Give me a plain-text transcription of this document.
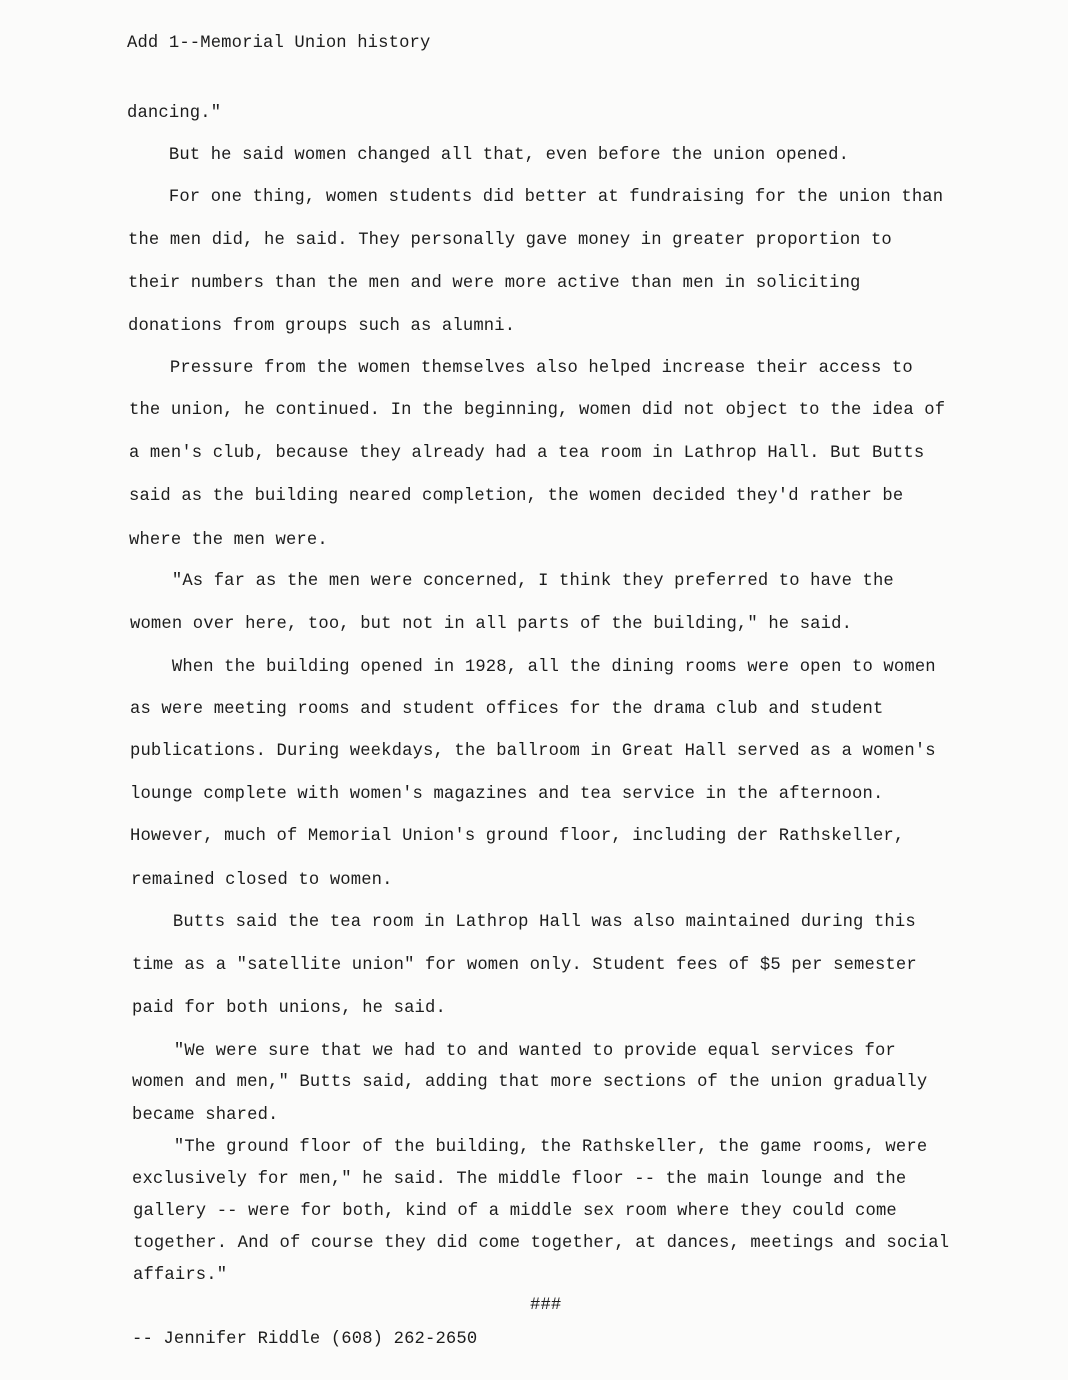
Add 1--Memorial Union history
dancing."
But he said women changed all that, even before the union opened.
For one thing, women students did better at fundraising for the union than
the men did, he said. They personally gave money in greater proportion to
their numbers than the men and were more active than men in soliciting
donations from groups such as alumni.
Pressure from the women themselves also helped increase their access to
the union, he continued. In the beginning, women did not object to the idea of
a men's club, because they already had a tea room in Lathrop Hall. But Butts
said as the building neared completion, the women decided they'd rather be
where the men were.
"As far as the men were concerned, I think they preferred to have the
women over here, too, but not in all parts of the building," he said.
When the building opened in 1928, all the dining rooms were open to women
as were meeting rooms and student offices for the drama club and student
publications. During weekdays, the ballroom in Great Hall served as a women's
lounge complete with women's magazines and tea service in the afternoon.
However, much of Memorial Union's ground floor, including der Rathskeller,
remained closed to women.
Butts said the tea room in Lathrop Hall was also maintained during this
time as a "satellite union" for women only. Student fees of $5 per semester
paid for both unions, he said.
"We were sure that we had to and wanted to provide equal services for
women and men," Butts said, adding that more sections of the union gradually
became shared.
"The ground floor of the building, the Rathskeller, the game rooms, were
exclusively for men," he said. The middle floor -- the main lounge and the
gallery -- were for both, kind of a middle sex room where they could come
together. And of course they did come together, at dances, meetings and social
affairs."
###
-- Jennifer Riddle (608) 262-2650
